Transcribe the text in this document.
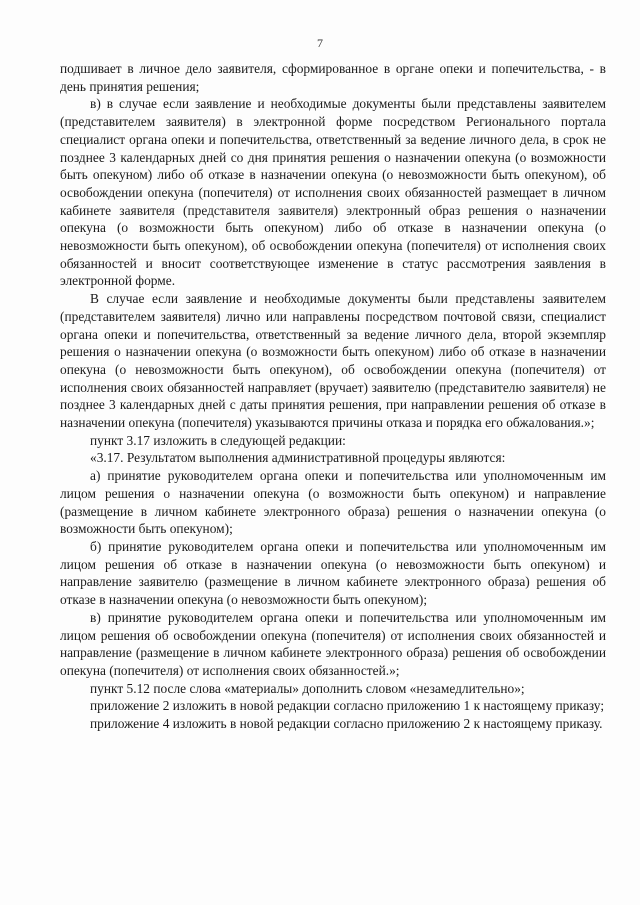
7

подшивает в личное дело заявителя, сформированное в органе опеки и попечительства, - в день принятия решения;

в) в случае если заявление и необходимые документы были представлены заявителем (представителем заявителя) в электронной форме посредством Регионального портала специалист органа опеки и попечительства, ответственный за ведение личного дела, в срок не позднее 3 календарных дней со дня принятия решения о назначении опекуна (о возможности быть опекуном) либо об отказе в назначении опекуна (о невозможности быть опекуном), об освобождении опекуна (попечителя) от исполнения своих обязанностей размещает в личном кабинете заявителя (представителя заявителя) электронный образ решения о назначении опекуна (о возможности быть опекуном) либо об отказе в назначении опекуна (о невозможности быть опекуном), об освобождении опекуна (попечителя) от исполнения своих обязанностей и вносит соответствующее изменение в статус рассмотрения заявления в электронной форме.

В случае если заявление и необходимые документы были представлены заявителем (представителем заявителя) лично или направлены посредством почтовой связи, специалист органа опеки и попечительства, ответственный за ведение личного дела, второй экземпляр решения о назначении опекуна (о возможности быть опекуном) либо об отказе в назначении опекуна (о невозможности быть опекуном), об освобождении опекуна (попечителя) от исполнения своих обязанностей направляет (вручает) заявителю (представителю заявителя) не позднее 3 календарных дней с даты принятия решения, при направлении решения об отказе в назначении опекуна (попечителя) указываются причины отказа и порядка его обжалования.»;

пункт 3.17 изложить в следующей редакции:

«3.17. Результатом выполнения административной процедуры являются:

а) принятие руководителем органа опеки и попечительства или уполномоченным им лицом решения о назначении опекуна (о возможности быть опекуном) и направление (размещение в личном кабинете электронного образа) решения о назначении опекуна (о возможности быть опекуном);

б) принятие руководителем органа опеки и попечительства или уполномоченным им лицом решения об отказе в назначении опекуна (о невозможности быть опекуном) и направление заявителю (размещение в личном кабинете электронного образа) решения об отказе в назначении опекуна (о невозможности быть опекуном);

в) принятие руководителем органа опеки и попечительства или уполномоченным им лицом решения об освобождении опекуна (попечителя) от исполнения своих обязанностей и направление (размещение в личном кабинете электронного образа) решения об освобождении опекуна (попечителя) от исполнения своих обязанностей.»;

пункт 5.12 после слова «материалы» дополнить словом «незамедлительно»;

приложение 2 изложить в новой редакции согласно приложению 1 к настоящему приказу;

приложение 4 изложить в новой редакции согласно приложению 2 к настоящему приказу.
